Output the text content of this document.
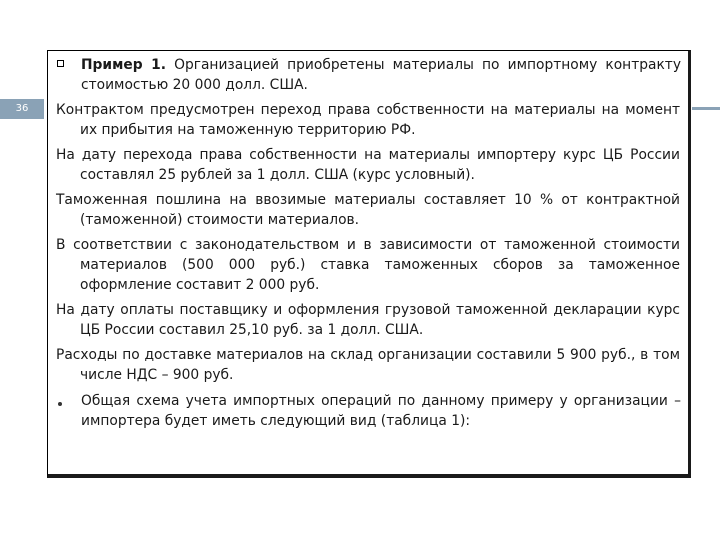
36
Пример 1. Организацией приобретены материалы по импортному контракту стоимостью 20 000 долл. США.
Контрактом предусмотрен переход права собственности на материалы на момент их прибытия на таможенную территорию РФ.
На дату перехода права собственности на материалы импортеру курс ЦБ России составлял 25 рублей за 1 долл. США (курс условный).
Таможенная пошлина на ввозимые материалы составляет 10 % от контрактной (таможенной) стоимости материалов.
В соответствии с законодательством и в зависимости от таможенной стоимости материалов (500 000 руб.) ставка таможенных сборов за таможенное оформление составит 2 000 руб.
На дату оплаты поставщику и оформления грузовой таможенной декларации курс ЦБ России составил 25,10 руб. за 1 долл. США.
Расходы по доставке материалов на склад организации составили 5 900 руб., в том числе НДС – 900 руб.
Общая схема учета импортных операций по данному примеру у организации – импортера будет иметь следующий вид (таблица 1):
